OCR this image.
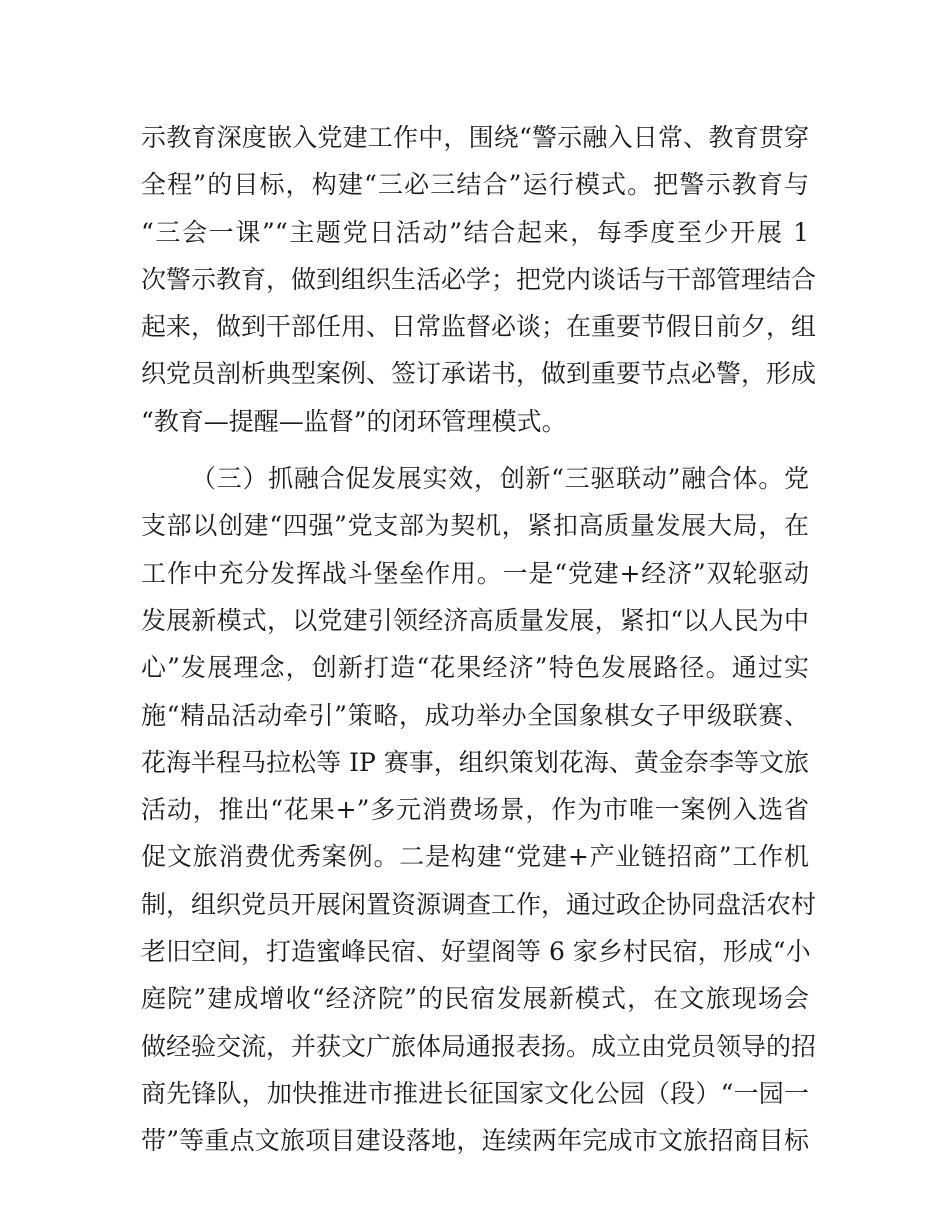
示教育深度嵌入党建工作中，围绕“警示融入日常、教育贯穿
全程”的目标，构建“三必三结合”运行模式。把警示教育与
“三会一课”“主题党日活动”结合起来，每季度至少开展 1
次警示教育，做到组织生活必学；把党内谈话与干部管理结合
起来，做到干部任用、日常监督必谈；在重要节假日前夕，组
织党员剖析典型案例、签订承诺书，做到重要节点必警，形成
“教育—提醒—监督”的闭环管理模式。
（三）抓融合促发展实效，创新“三驱联动”融合体。党
支部以创建“四强”党支部为契机，紧扣高质量发展大局，在
工作中充分发挥战斗堡垒作用。一是“党建+经济”双轮驱动
发展新模式，以党建引领经济高质量发展，紧扣“以人民为中
心”发展理念，创新打造“花果经济”特色发展路径。通过实
施“精品活动牵引”策略，成功举办全国象棋女子甲级联赛、
花海半程马拉松等 IP 赛事，组织策划花海、黄金奈李等文旅
活动，推出“花果+”多元消费场景，作为市唯一案例入选省
促文旅消费优秀案例。二是构建“党建+产业链招商”工作机
制，组织党员开展闲置资源调查工作，通过政企协同盘活农村
老旧空间，打造蜜峰民宿、好望阁等 6 家乡村民宿，形成“小
庭院”建成增收“经济院”的民宿发展新模式，在文旅现场会
做经验交流，并获文广旅体局通报表扬。成立由党员领导的招
商先锋队，加快推进市推进长征国家文化公园（段）“一园一
带”等重点文旅项目建设落地，连续两年完成市文旅招商目标
